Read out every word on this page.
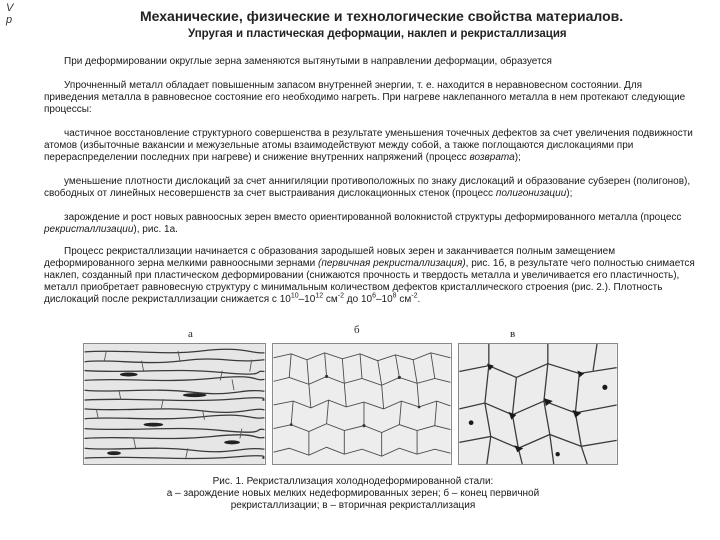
V
p	Механические, физические и технологические свойства материалов.
Упругая и пластическая деформации, наклеп и рекристаллизация
При деформировании округлые зерна заменяются вытянутыми в направлении деформации, образуется
Упрочненный металл обладает повышенным запасом внутренней энергии, т. е. находится в неравновесном состоянии. Для приведения металла в равновесное состояние его необходимо нагреть. При нагреве наклепанного металла в нем протекают следующие процессы:
частичное восстановление структурного совершенства в результате уменьшения точечных дефектов за счет увеличения подвижности атомов (избыточные вакансии и межузельные атомы взаимодействуют между собой, а также поглощаются дислокациями при перераспределении последних при нагреве) и снижение внутренних напряжений (процесс возврата);
уменьшение плотности дислокаций за счет аннигиляции противоположных по знаку дислокаций и образование субзерен (полигонов), свободных от линейных несовершенств за счет выстраивания дислокационных стенок (процесс полигонизации);
зарождение и рост новых равноосных зерен вместо ориентированной волокнистой структуры деформированного металла (процесс рекристаллизации), рис. 1а.
Процесс рекристаллизации начинается с образования зародышей новых зерен и заканчивается полным замещением деформированного зерна мелкими равноосными зернами (первичная рекристаллизация), рис. 1б, в результате чего полностью снимается наклеп, созданный при пластическом деформировании (снижаются прочность и твердость металла и увеличивается его пластичность), металл приобретает равновесную структуру с минимальным количеством дефектов кристаллического строения (рис. 2.). Плотность дислокаций после рекристаллизации снижается с $10^{10}-10^{12}$ $см^{-2}$ до $10^6-10^8$ $см^{-2}$.
а	б	в
Рис. 1. Рекристаллизация холоднодеформированной стали:
а – зарождение новых мелких недеформированных зерен; б – конец первичной
рекристаллизации; в – вторичная рекристаллизация
